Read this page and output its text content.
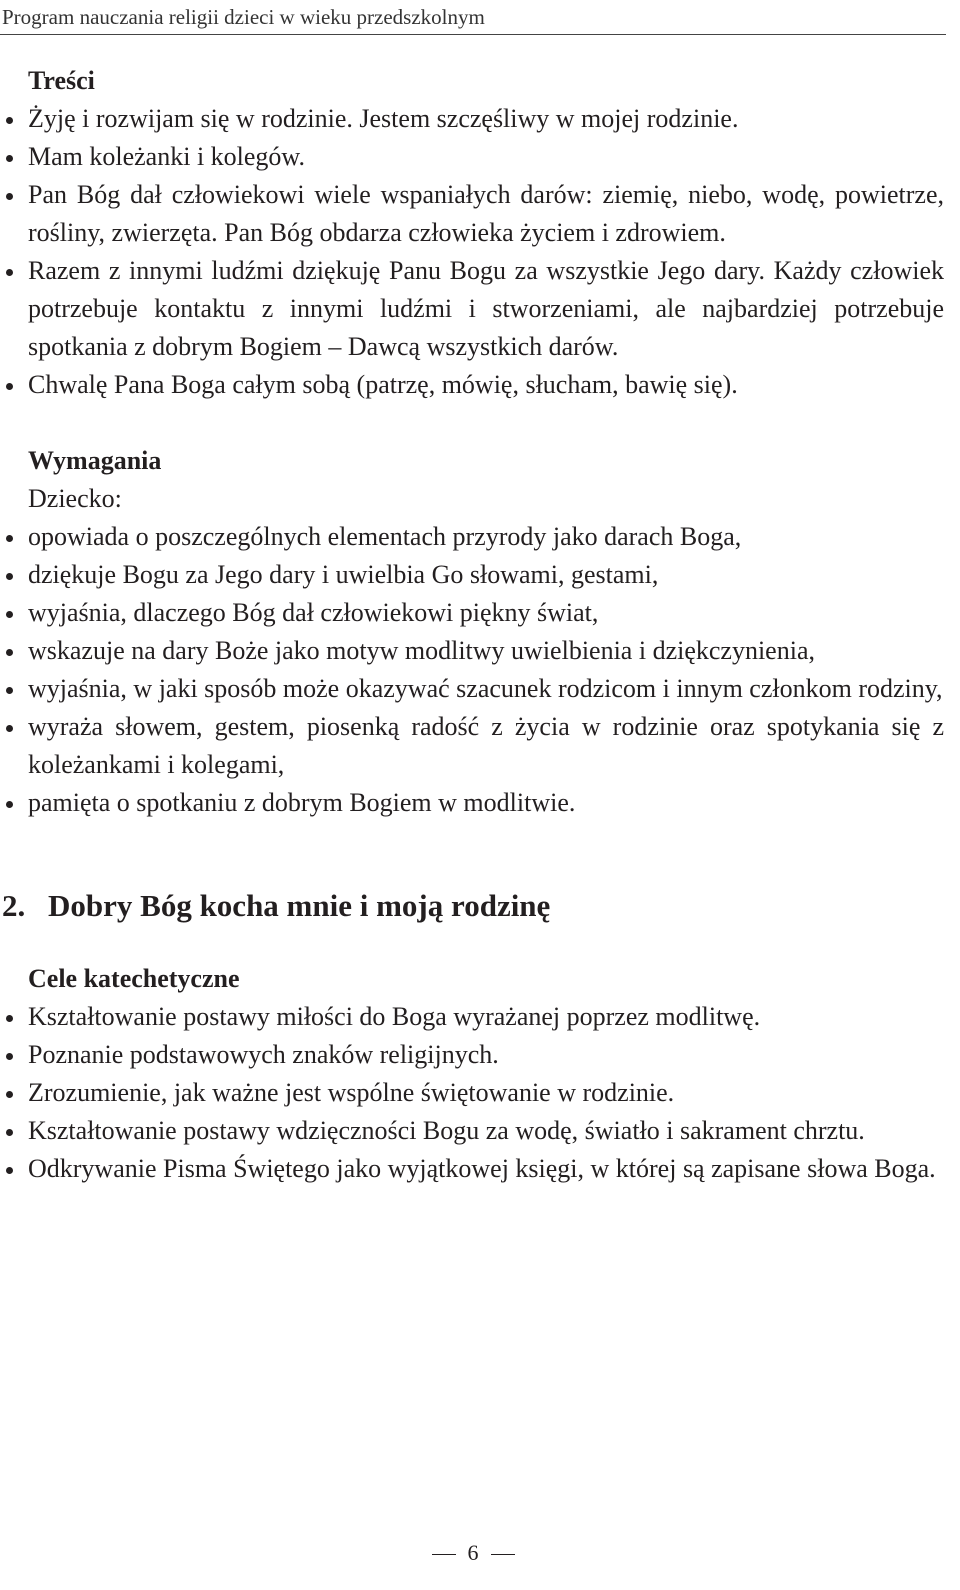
Program nauczania religii dzieci w wieku przedszkolnym
Treści
Żyję i rozwijam się w rodzinie. Jestem szczęśliwy w mojej rodzinie.
Mam koleżanki i kolegów.
Pan Bóg dał człowiekowi wiele wspaniałych darów: ziemię, niebo, wodę, powietrze, rośliny, zwierzęta. Pan Bóg obdarza człowieka życiem i zdrowiem.
Razem z innymi ludźmi dziękuję Panu Bogu za wszystkie Jego dary. Każdy człowiek potrzebuje kontaktu z innymi ludźmi i stworzeniami, ale najbardziej potrzebuje spotkania z dobrym Bogiem – Dawcą wszystkich darów.
Chwalę Pana Boga całym sobą (patrzę, mówię, słucham, bawię się).
Wymagania

Dziecko:

opowiada o poszczególnych elementach przyrody jako darach Boga,
dziękuje Bogu za Jego dary i uwielbia Go słowami, gestami,
wyjaśnia, dlaczego Bóg dał człowiekowi piękny świat,
wskazuje na dary Boże jako motyw modlitwy uwielbienia i dziękczynienia,
wyjaśnia, w jaki sposób może okazywać szacunek rodzicom i innym członkom rodziny,
wyraża słowem, gestem, piosenką radość z życia w rodzinie oraz spotykania się z koleżankami i kolegami,
pamięta o spotkaniu z dobrym Bogiem w modlitwie.
2. Dobry Bóg kocha mnie i moją rodzinę
Cele katechetyczne
Kształtowanie postawy miłości do Boga wyrażanej poprzez modlitwę.
Poznanie podstawowych znaków religijnych.
Zrozumienie, jak ważne jest wspólne świętowanie w rodzinie.
Kształtowanie postawy wdzięczności Bogu za wodę, światło i sakrament chrztu.
Odkrywanie Pisma Świętego jako wyjątkowej księgi, w której są zapisane słowa Boga.
6
